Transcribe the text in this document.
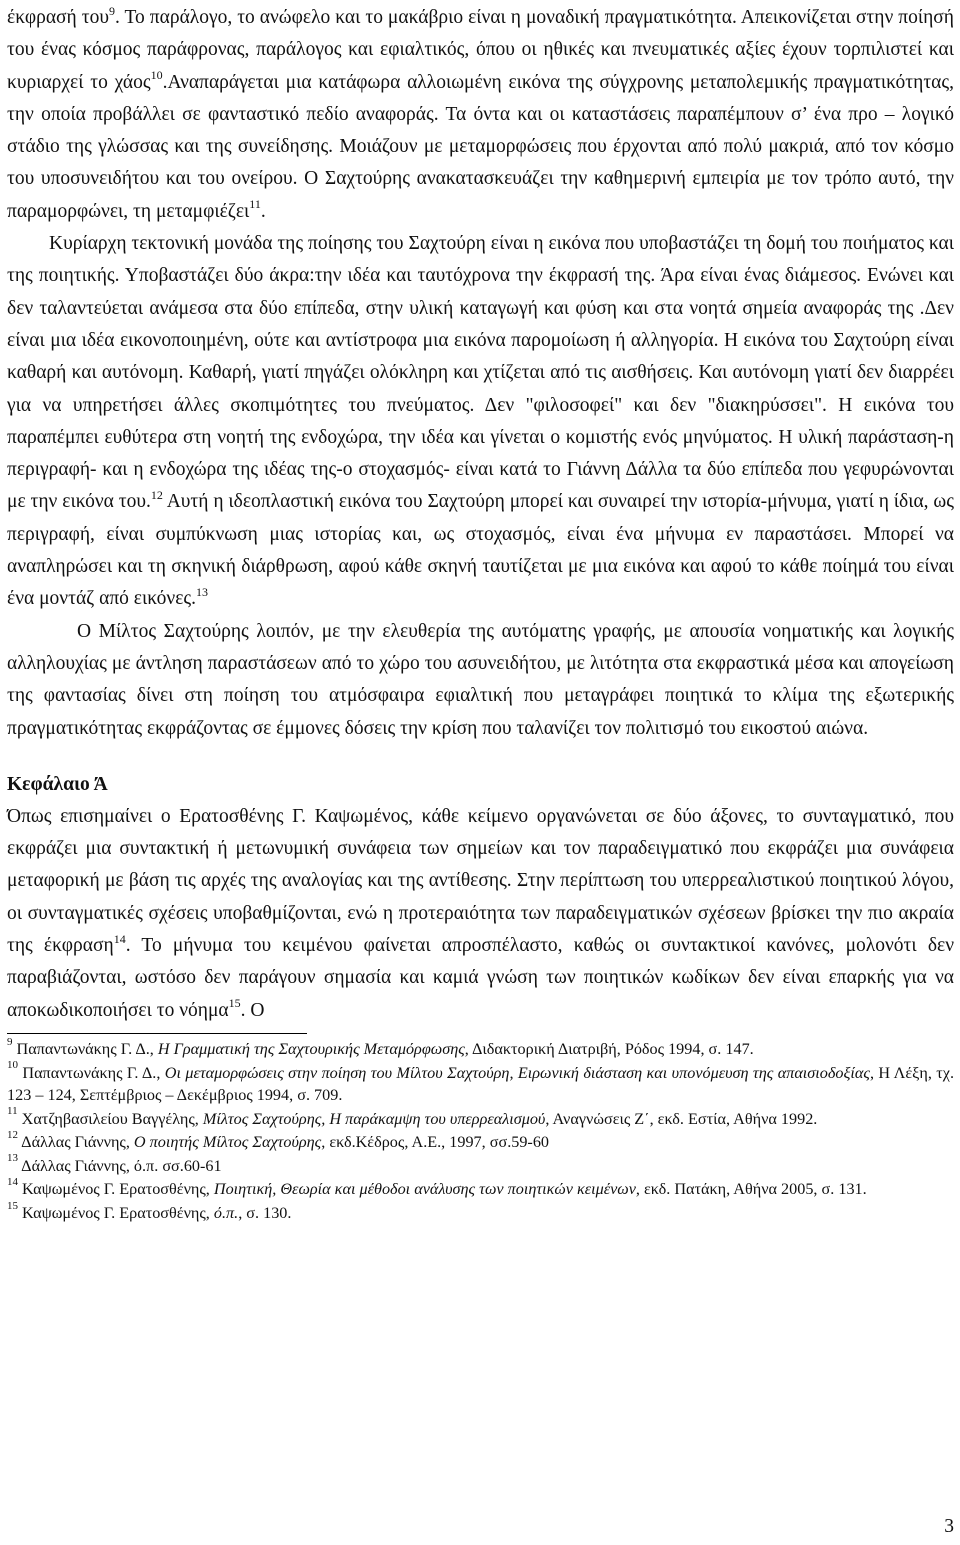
έκφρασή του$^9$. Το παράλογο, το ανώφελο και το μακάβριο είναι η μοναδική πραγματικότητα. Απεικονίζεται στην ποίησή του ένας κόσμος παράφρονας, παράλογος και εφιαλτικός, όπου οι ηθικές και πνευματικές αξίες έχουν τορπιλιστεί και κυριαρχεί το χάος$^{10}$.Αναπαράγεται μια κατάφωρα αλλοιωμένη εικόνα της σύγχρονης μεταπολεμικής πραγματικότητας, την οποία προβάλλει σε φανταστικό πεδίο αναφοράς. Τα όντα και οι καταστάσεις παραπέμπουν σ’ ένα προ – λογικό στάδιο της γλώσσας και της συνείδησης. Μοιάζουν με μεταμορφώσεις που έρχονται από πολύ μακριά, από τον κόσμο του υποσυνειδήτου και του ονείρου. Ο Σαχτούρης ανακατασκευάζει την καθημερινή εμπειρία με τον τρόπο αυτό, την παραμορφώνει, τη μεταμφιέζει$^{11}$.

Κυρίαρχη τεκτονική μονάδα της ποίησης του Σαχτούρη είναι η εικόνα που υποβαστάζει τη δομή του ποιήματος και της ποιητικής. Υποβαστάζει δύο άκρα:την ιδέα και ταυτόχρονα την έκφρασή της. Άρα είναι ένας διάμεσος. Ενώνει και δεν ταλαντεύεται ανάμεσα στα δύο επίπεδα, στην υλική καταγωγή και φύση και στα νοητά σημεία αναφοράς της .Δεν είναι μια ιδέα εικονοποιημένη, ούτε και αντίστροφα μια εικόνα παρομοίωση ή αλληγορία. Η εικόνα του Σαχτούρη είναι καθαρή και αυτόνομη. Καθαρή, γιατί πηγάζει ολόκληρη και χτίζεται από τις αισθήσεις. Και αυτόνομη γιατί δεν διαρρέει για να υπηρετήσει άλλες σκοπιμότητες του πνεύματος. Δεν "φιλοσοφεί" και δεν "διακηρύσσει". Η εικόνα του παραπέμπει ευθύτερα στη νοητή της ενδοχώρα, την ιδέα και γίνεται ο κομιστής ενός μηνύματος. Η υλική παράσταση-η περιγραφή- και η ενδοχώρα της ιδέας της-ο στοχασμός- είναι κατά το Γιάννη Δάλλα τα δύο επίπεδα που γεφυρώνονται με την εικόνα του.$^{12}$ Αυτή η ιδεοπλαστική εικόνα του Σαχτούρη μπορεί και συναιρεί την ιστορία-μήνυμα, γιατί η ίδια, ως περιγραφή, είναι συμπύκνωση μιας ιστορίας και, ως στοχασμός, είναι ένα μήνυμα εν παραστάσει. Μπορεί να αναπληρώσει και τη σκηνική διάρθρωση, αφού κάθε σκηνή ταυτίζεται με μια εικόνα και αφού το κάθε ποίημά του είναι ένα μοντάζ από εικόνες.$^{13}$

Ο Μίλτος Σαχτούρης λοιπόν, με την ελευθερία της αυτόματης γραφής, με απουσία νοηματικής και λογικής αλληλουχίας με άντληση παραστάσεων από το χώρο του ασυνειδήτου, με λιτότητα στα εκφραστικά μέσα και απογείωση της φαντασίας δίνει στη ποίηση του ατμόσφαιρα εφιαλτική που μεταγράφει ποιητικά το κλίμα της εξωτερικής πραγματικότητας εκφράζοντας σε έμμονες δόσεις την κρίση που ταλανίζει τον πολιτισμό του εικοστού αιώνα.

Κεφάλαιο Ά

Όπως επισημαίνει ο Ερατοσθένης Γ. Καψωμένος, κάθε κείμενο οργανώνεται σε δύο άξονες, το συνταγματικό, που εκφράζει μια συντακτική ή μετωνυμική συνάφεια των σημείων και τον παραδειγματικό που εκφράζει μια συνάφεια μεταφορική με βάση τις αρχές της αναλογίας και της αντίθεσης. Στην περίπτωση του υπερρεαλιστικού ποιητικού λόγου, οι συνταγματικές σχέσεις υποβαθμίζονται, ενώ η προτεραιότητα των παραδειγματικών σχέσεων βρίσκει την πιο ακραία της έκφραση$^{14}$. Το μήνυμα του κειμένου φαίνεται απροσπέλαστο, καθώς οι συντακτικοί κανόνες, μολονότι δεν παραβιάζονται, ωστόσο δεν παράγουν σημασία και καμιά γνώση των ποιητικών κωδίκων δεν είναι επαρκής για να αποκωδικοποιήσει το νόημα$^{15}$. Ο

$^9$ Παπαντωνάκης Γ. Δ., Η Γραμματική της Σαχτουρικής Μεταμόρφωσης, Διδακτορική Διατριβή, Ρόδος 1994, σ. 147.

$^{10}$ Παπαντωνάκης Γ. Δ., Οι μεταμορφώσεις στην ποίηση του Μίλτου Σαχτούρη, Ειρωνική διάσταση και υπονόμευση της απαισιοδοξίας, Η Λέξη, τχ. 123 – 124, Σεπτέμβριος – Δεκέμβριος 1994, σ. 709.

$^{11}$ Χατζηβασιλείου Βαγγέλης, Μίλτος Σαχτούρης, Η παράκαμψη του υπερρεαλισμού, Αναγνώσεις Ζ΄, εκδ. Εστία, Αθήνα 1992.

$^{12}$ Δάλλας Γιάννης, Ο ποιητής Μίλτος Σαχτούρης, εκδ.Κέδρος, Α.Ε., 1997, σσ.59-60

$^{13}$ Δάλλας Γιάννης, ό.π. σσ.60-61

$^{14}$ Καψωμένος Γ. Ερατοσθένης, Ποιητική, Θεωρία και μέθοδοι ανάλυσης των ποιητικών κειμένων, εκδ. Πατάκη, Αθήνα 2005, σ. 131.

$^{15}$ Καψωμένος Γ. Ερατοσθένης, ό.π., σ. 130.

3
